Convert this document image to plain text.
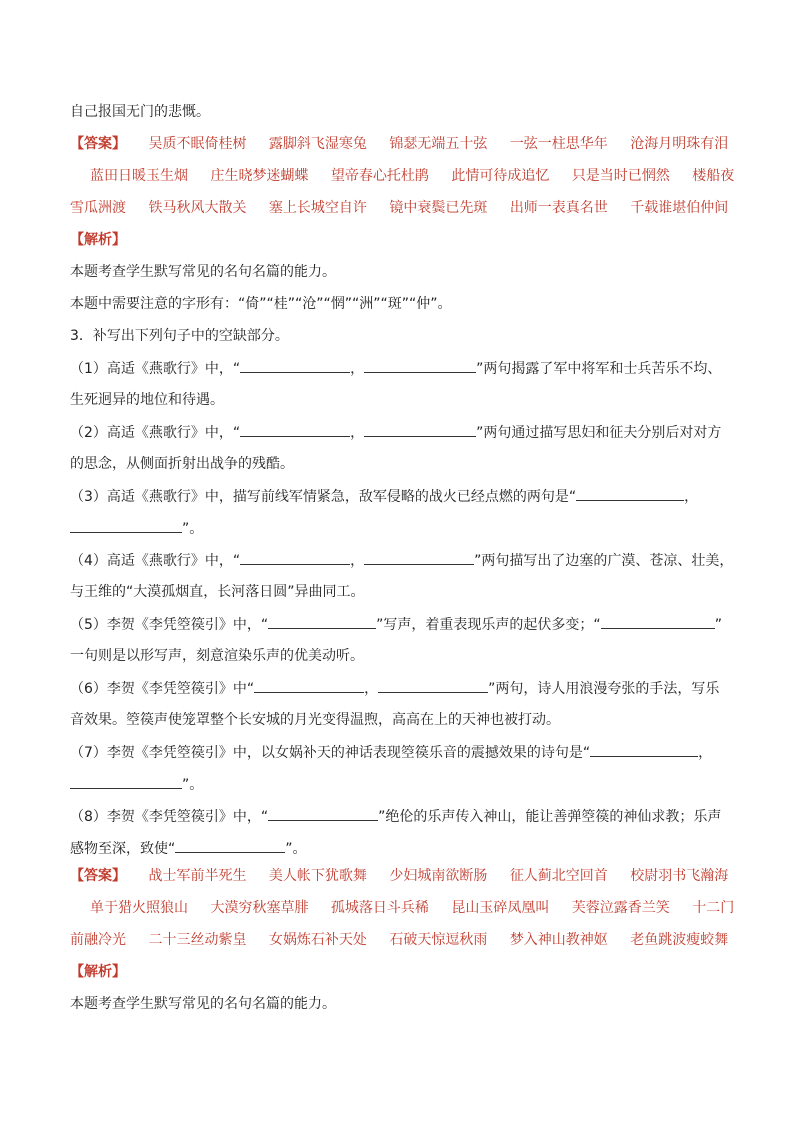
自己报国无门的悲慨。
【答案】 吴质不眠倚桂树 露脚斜飞湿寒兔 锦瑟无端五十弦 一弦一柱思华年 沧海月明珠有泪
蓝田日暖玉生烟 庄生晓梦迷蝴蝶 望帝春心托杜鹃 此情可待成追忆 只是当时已惘然 楼船夜
雪瓜洲渡 铁马秋风大散关 塞上长城空自许 镜中衰鬓已先斑 出师一表真名世 千载谁堪伯仲间
【解析】
本题考查学生默写常见的名句名篇的能力。
本题中需要注意的字形有：“倚”“桂”“沧”“惘”“洲”“斑”“仲”。
3．补写出下列句子中的空缺部分。
（1）高适《燕歌行》中，“	，	”两句揭露了军中将军和士兵苦乐不均、
生死迥异的地位和待遇。
（2）高适《燕歌行》中，“	，	”两句通过描写思妇和征夫分别后对对方
的思念，从侧面折射出战争的残酷。
（3）高适《燕歌行》中，描写前线军情紧急，敌军侵略的战火已经点燃的两句是“	，
”。
（4）高适《燕歌行》中，“	，	”两句描写出了边塞的广漠、苍凉、壮美，
与王维的“大漠孤烟直，长河落日圆”异曲同工。
（5）李贺《李凭箜篌引》中，“	”写声，着重表现乐声的起伏多变；“	”
一句则是以形写声，刻意渲染乐声的优美动听。
（6）李贺《李凭箜篌引》中“	，	”两句，诗人用浪漫夸张的手法，写乐
音效果。箜篌声使笼罩整个长安城的月光变得温煦，高高在上的天神也被打动。
（7）李贺《李凭箜篌引》中，以女娲补天的神话表现箜篌乐音的震撼效果的诗句是“	，
”。
（8）李贺《李凭箜篌引》中，“	”绝伦的乐声传入神山，能让善弹箜篌的神仙求教；乐声
感物至深，致使“	”。
【答案】 战士军前半死生 美人帐下犹歌舞 少妇城南欲断肠 征人蓟北空回首 校尉羽书飞瀚海
单于猎火照狼山 大漠穷秋塞草腓 孤城落日斗兵稀 昆山玉碎凤凰叫 芙蓉泣露香兰笑 十二门
前融冷光 二十三丝动紫皇 女娲炼石补天处 石破天惊逗秋雨 梦入神山教神妪 老鱼跳波瘦蛟舞
【解析】
本题考查学生默写常见的名句名篇的能力。
